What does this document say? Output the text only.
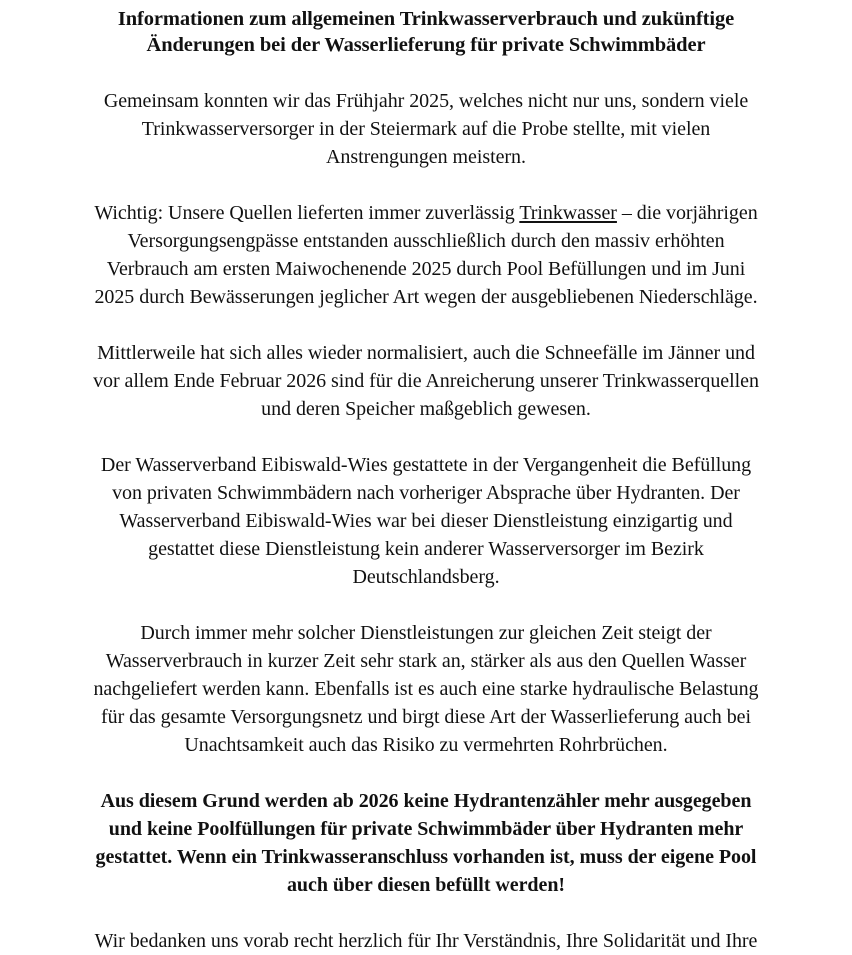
Informationen zum allgemeinen Trinkwasserverbrauch und zukünftige
Änderungen bei der Wasserlieferung für private Schwimmbäder

Gemeinsam konnten wir das Frühjahr 2025, welches nicht nur uns, sondern viele Trinkwasserversorger in der Steiermark auf die Probe stellte, mit vielen Anstrengungen meistern.

Wichtig: Unsere Quellen lieferten immer zuverlässig Trinkwasser – die vorjährigen Versorgungsengpässe entstanden ausschließlich durch den massiv erhöhten Verbrauch am ersten Maiwochenende 2025 durch Pool Befüllungen und im Juni 2025 durch Bewässerungen jeglicher Art wegen der ausgebliebenen Niederschläge.

Mittlerweile hat sich alles wieder normalisiert, auch die Schneefälle im Jänner und vor allem Ende Februar 2026 sind für die Anreicherung unserer Trinkwasserquellen und deren Speicher maßgeblich gewesen.

Der Wasserverband Eibiswald-Wies gestattete in der Vergangenheit die Befüllung von privaten Schwimmbädern nach vorheriger Absprache über Hydranten. Der Wasserverband Eibiswald-Wies war bei dieser Dienstleistung einzigartig und gestattet diese Dienstleistung kein anderer Wasserversorger im Bezirk Deutschlandsberg.

Durch immer mehr solcher Dienstleistungen zur gleichen Zeit steigt der Wasserverbrauch in kurzer Zeit sehr stark an, stärker als aus den Quellen Wasser nachgeliefert werden kann. Ebenfalls ist es auch eine starke hydraulische Belastung für das gesamte Versorgungsnetz und birgt diese Art der Wasserlieferung auch bei Unachtsamkeit auch das Risiko zu vermehrten Rohrbrüchen.

Aus diesem Grund werden ab 2026 keine Hydrantenzähler mehr ausgegeben und keine Poolfüllungen für private Schwimmbäder über Hydranten mehr gestattet. Wenn ein Trinkwasseranschluss vorhanden ist, muss der eigene Pool auch über diesen befüllt werden!

Wir bedanken uns vorab recht herzlich für Ihr Verständnis, Ihre Solidarität und Ihre
